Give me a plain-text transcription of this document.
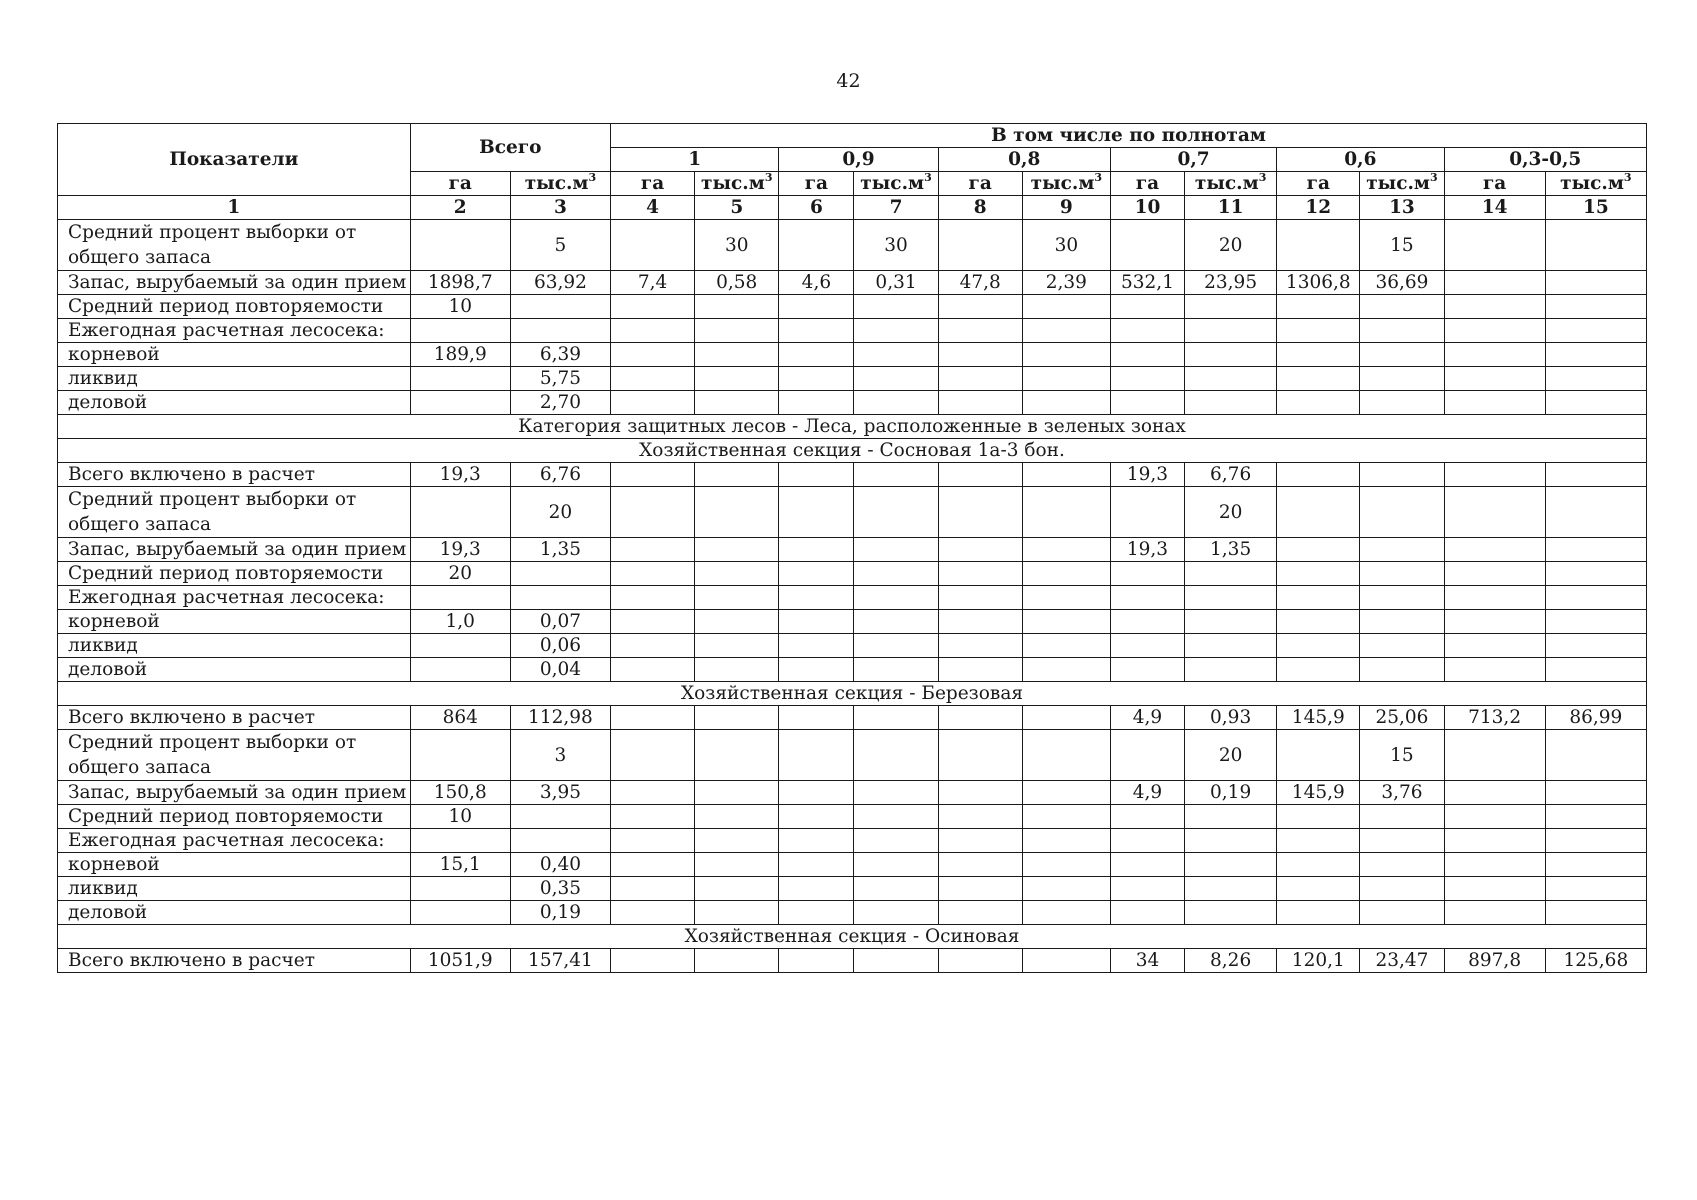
42
Показатели	Всего		В том числе по полнотам											
			1		0,9		0,8		0,7		0,6		0,3-0,5	
	га	$тыс.м^3$	га	$тыс.м^3$	га	$тыс.м^3$	га	$тыс.м^3$	га	$тыс.м^3$	га	$тыс.м^3$	га	$тыс.м^3$
1	2	3	4	5	6	7	8	9	10	11	12	13	14	15
Средний процент выборки от общего запаса		5		30		30		30		20		15		
Запас, вырубаемый за один прием	1898,7	63,92	7,4	0,58	4,6	0,31	47,8	2,39	532,1	23,95	1306,8	36,69		
Средний период повторяемости	10													
Ежегодная расчетная лесосека:														
корневой	189,9	6,39												
ликвид		5,75												
деловой		2,70												
Категория защитных лесов - Леса, расположенные в зеленых зонах														
Хозяйственная секция - Сосновая 1а-3 бон.														
Всего включено в расчет	19,3	6,76							19,3	6,76				
Средний процент выборки от общего запаса		20								20				
Запас, вырубаемый за один прием	19,3	1,35							19,3	1,35				
Средний период повторяемости	20													
Ежегодная расчетная лесосека:														
корневой	1,0	0,07												
ликвид		0,06												
деловой		0,04												
Хозяйственная секция - Березовая														
Всего включено в расчет	864	112,98							4,9	0,93	145,9	25,06	713,2	86,99
Средний процент выборки от общего запаса		3								20		15		
Запас, вырубаемый за один прием	150,8	3,95							4,9	0,19	145,9	3,76		
Средний период повторяемости	10													
Ежегодная расчетная лесосека:														
корневой	15,1	0,40												
ликвид		0,35												
деловой		0,19												
Хозяйственная секция - Осиновая														
Всего включено в расчет	1051,9	157,41							34	8,26	120,1	23,47	897,8	125,68
